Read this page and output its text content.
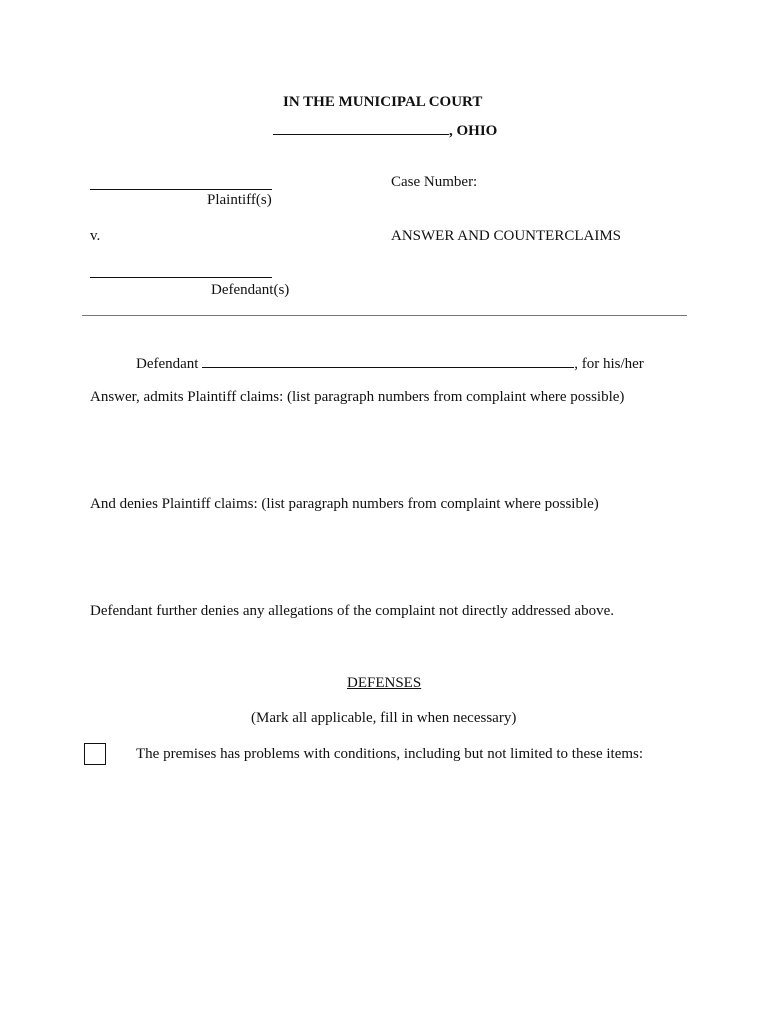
IN THE MUNICIPAL COURT
, OHIO
Plaintiff(s)
v.
Defendant(s)
Case Number:
ANSWER AND COUNTERCLAIMS
Defendant	, for his/her
Answer, admits Plaintiff claims: (list paragraph numbers from complaint where possible)
And denies Plaintiff claims: (list paragraph numbers from complaint where possible)
Defendant further denies any allegations of the complaint not directly addressed above.
DEFENSES
(Mark all applicable, fill in when necessary)
The premises has problems with conditions, including but not limited to these items:
